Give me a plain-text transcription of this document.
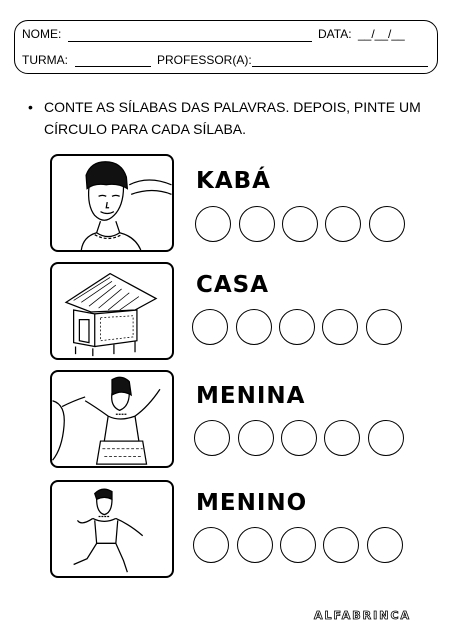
NOME:	DATA: __/__/__
TURMA:	PROFESSOR(A):
• CONTE AS SÍLABAS DAS PALAVRAS. DEPOIS, PINTE UM
CÍRCULO PARA CADA SÍLABA.
KABÁ
CASA
MENINA
MENINO
ALFABRINCA
